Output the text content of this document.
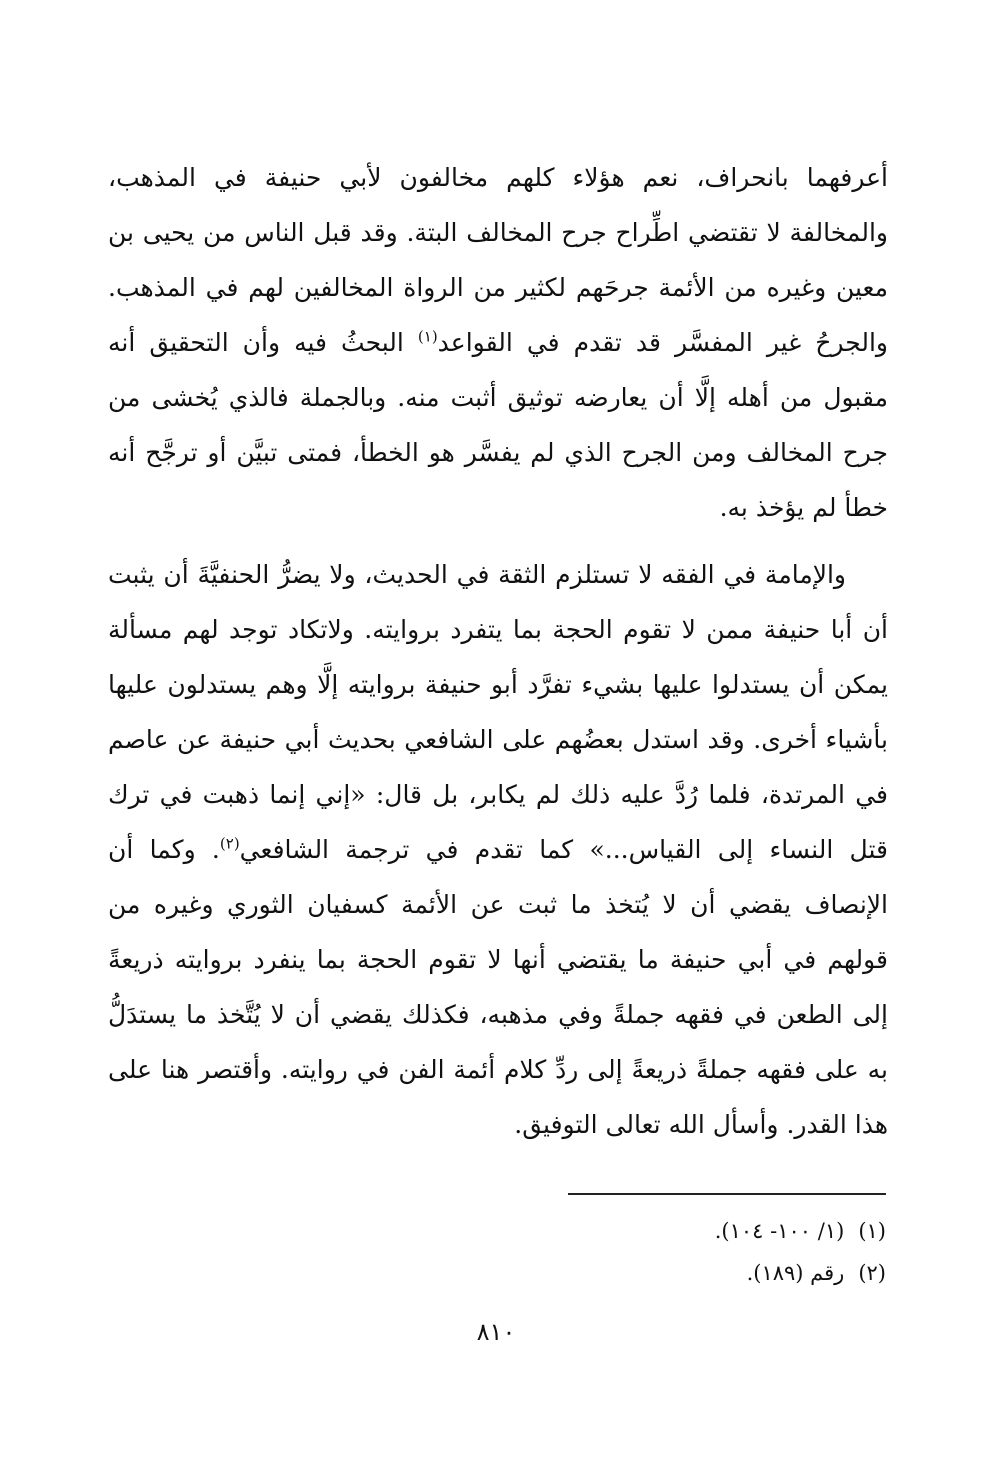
أعرفهما بانحراف، نعم هؤلاء كلهم مخالفون لأبي حنيفة في المذهب، والمخالفة لا تقتضي اطِّراح جرح المخالف البتة. وقد قبل الناس من يحيى بن معين وغيره من الأئمة جرحَهم لكثير من الرواة المخالفين لهم في المذهب. والجرحُ غير المفسَّر قد تقدم في القواعد$^{(١)}$ البحثُ فيه وأن التحقيق أنه مقبول من أهله إلَّا أن يعارضه توثيق أثبت منه. وبالجملة فالذي يُخشى من جرح المخالف ومن الجرح الذي لم يفسَّر هو الخطأ، فمتى تبيَّن أو ترجَّح أنه خطأ لم يؤخذ به.

والإمامة في الفقه لا تستلزم الثقة في الحديث، ولا يضرُّ الحنفيَّةَ أن يثبت أن أبا حنيفة ممن لا تقوم الحجة بما يتفرد بروايته. ولاتكاد توجد لهم مسألة يمكن أن يستدلوا عليها بشيء تفرَّد أبو حنيفة بروايته إلَّا وهم يستدلون عليها بأشياء أخرى. وقد استدل بعضُهم على الشافعي بحديث أبي حنيفة عن عاصم في المرتدة، فلما رُدَّ عليه ذلك لم يكابر، بل قال: «إني إنما ذهبت في ترك قتل النساء إلى القياس...» كما تقدم في ترجمة الشافعي$^{(٢)}$. وكما أن الإنصاف يقضي أن لا يُتخذ ما ثبت عن الأئمة كسفيان الثوري وغيره من قولهم في أبي حنيفة ما يقتضي أنها لا تقوم الحجة بما ينفرد بروايته ذريعةً إلى الطعن في فقهه جملةً وفي مذهبه، فكذلك يقضي أن لا يُتَّخذ ما يستدَلُّ به على فقهه جملةً ذريعةً إلى ردِّ كلام أئمة الفن في روايته. وأقتصر هنا على هذا القدر. وأسأل الله تعالى التوفيق.

(١)(١/ ١٠٠- ١٠٤).
(٢)رقم (١٨٩).
٨١٠
